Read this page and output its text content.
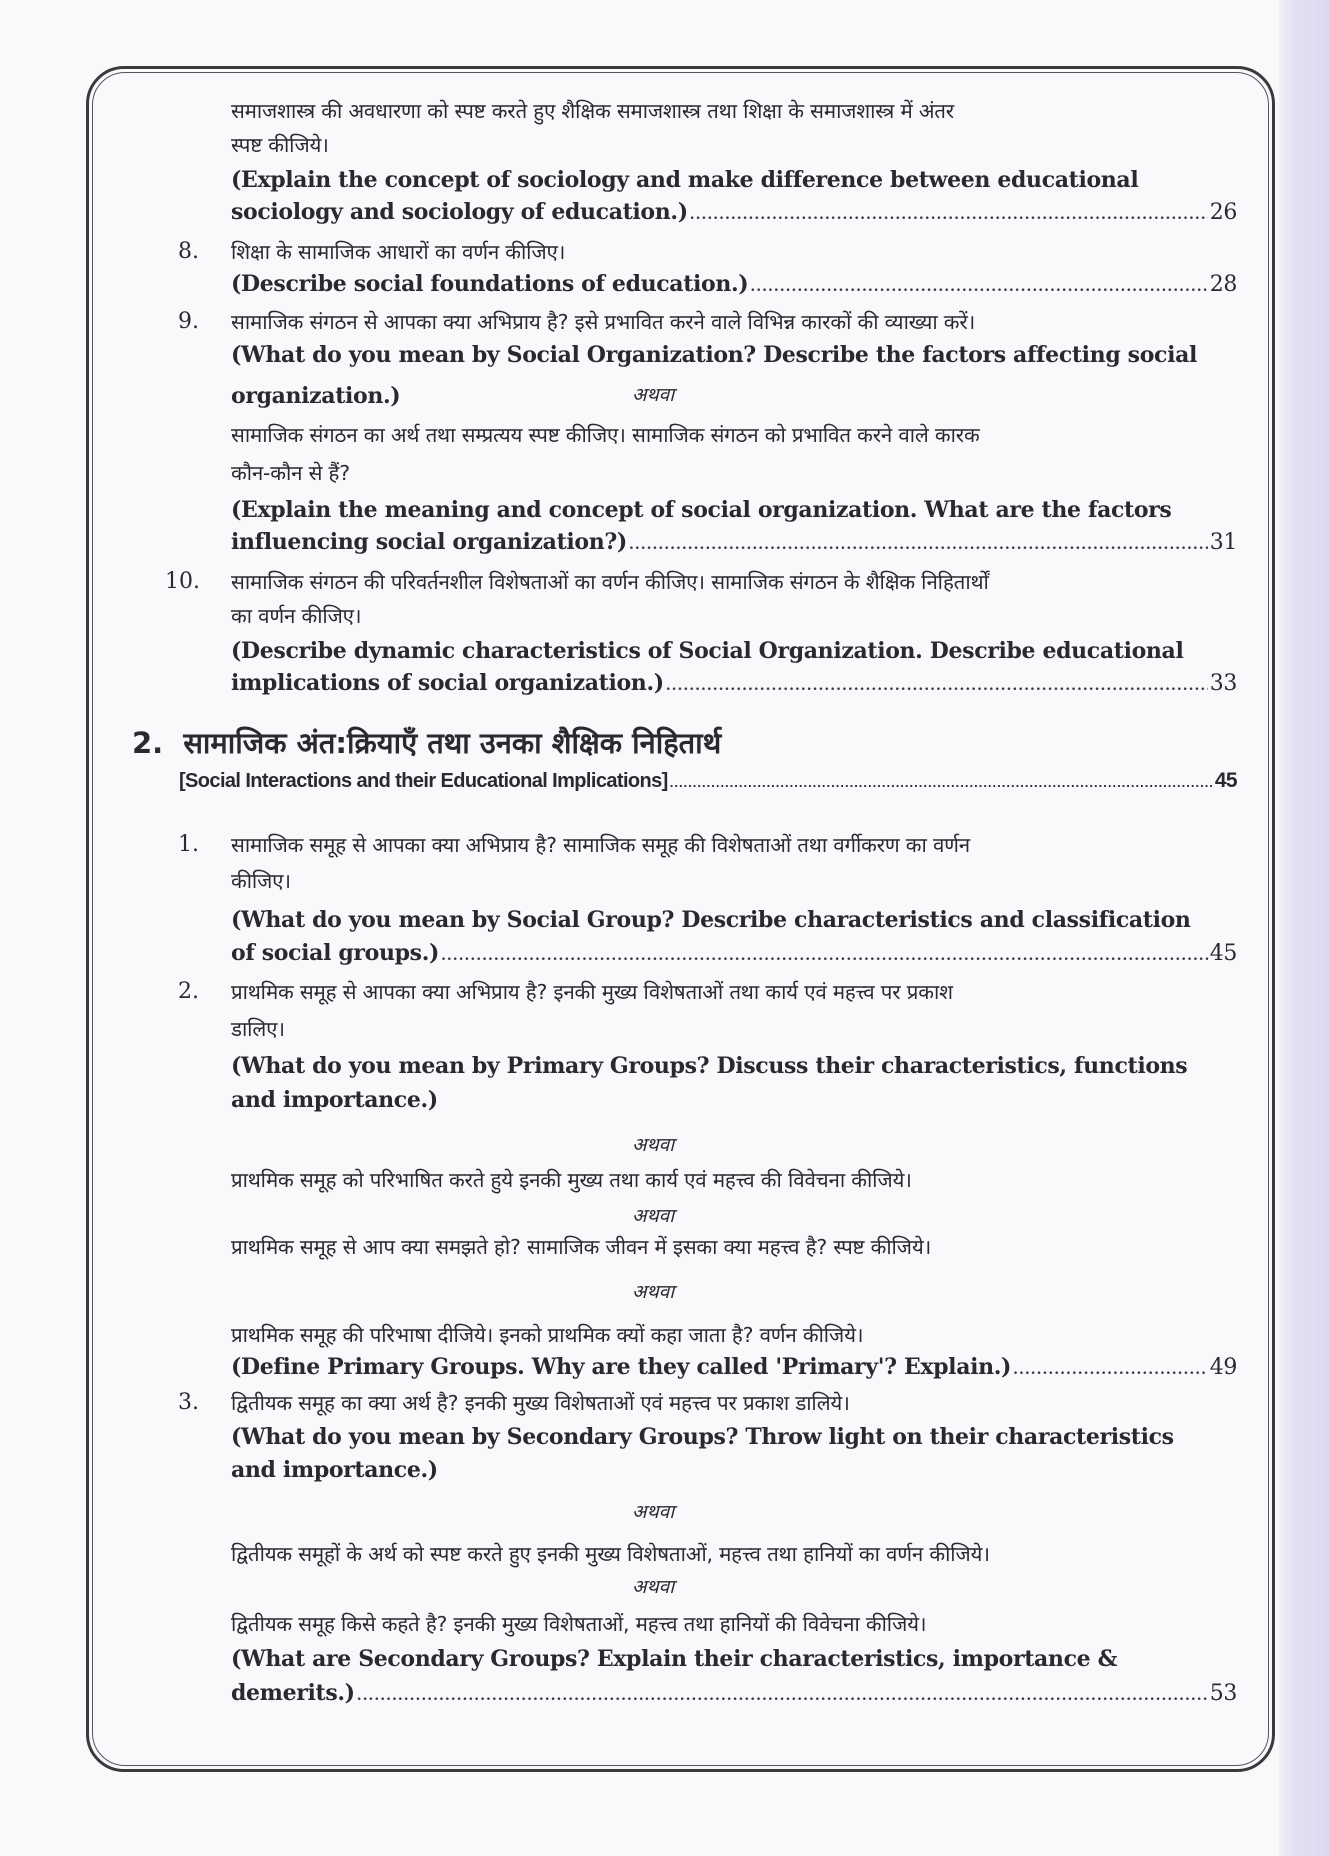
समाजशास्त्र की अवधारणा को स्पष्ट करते हुए शैक्षिक समाजशास्त्र तथा शिक्षा के समाजशास्त्र में अंतर
स्पष्ट कीजिये।
(Explain the concept of sociology and make difference between educational
sociology and sociology of education.) .....	26
8. शिक्षा के सामाजिक आधारों का वर्णन कीजिए।
(Describe social foundations of education.) .....	28
9. सामाजिक संगठन से आपका क्या अभिप्राय है? इसे प्रभावित करने वाले विभिन्न कारकों की व्याख्या करें।
(What do you mean by Social Organization? Describe the factors affecting social
organization.)	अथवा
सामाजिक संगठन का अर्थ तथा सम्प्रत्यय स्पष्ट कीजिए। सामाजिक संगठन को प्रभावित करने वाले कारक
कौन-कौन से हैं?
(Explain the meaning and concept of social organization. What are the factors
influencing social organization?) .....	31
10. सामाजिक संगठन की परिवर्तनशील विशेषताओं का वर्णन कीजिए। सामाजिक संगठन के शैक्षिक निहितार्थों
का वर्णन कीजिए।
(Describe dynamic characteristics of Social Organization. Describe educational
implications of social organization.) .....	33
2. सामाजिक अंत:क्रियाएँ तथा उनका शैक्षिक निहितार्थ
[Social Interactions and their Educational Implications] .....	45
1. सामाजिक समूह से आपका क्या अभिप्राय है? सामाजिक समूह की विशेषताओं तथा वर्गीकरण का वर्णन
कीजिए।
(What do you mean by Social Group? Describe characteristics and classification
of social groups.) .....	45
2. प्राथमिक समूह से आपका क्या अभिप्राय है? इनकी मुख्य विशेषताओं तथा कार्य एवं महत्त्व पर प्रकाश
डालिए।
(What do you mean by Primary Groups? Discuss their characteristics, functions
and importance.)
अथवा
प्राथमिक समूह को परिभाषित करते हुये इनकी मुख्य तथा कार्य एवं महत्त्व की विवेचना कीजिये।
अथवा
प्राथमिक समूह से आप क्या समझते हो? सामाजिक जीवन में इसका क्या महत्त्व है? स्पष्ट कीजिये।
अथवा
प्राथमिक समूह की परिभाषा दीजिये। इनको प्राथमिक क्यों कहा जाता है? वर्णन कीजिये।
(Define Primary Groups. Why are they called 'Primary'? Explain.) .....	49
3. द्वितीयक समूह का क्या अर्थ है? इनकी मुख्य विशेषताओं एवं महत्त्व पर प्रकाश डालिये।
(What do you mean by Secondary Groups? Throw light on their characteristics
and importance.)
अथवा
द्वितीयक समूहों के अर्थ को स्पष्ट करते हुए इनकी मुख्य विशेषताओं, महत्त्व तथा हानियों का वर्णन कीजिये।
अथवा
द्वितीयक समूह किसे कहते है? इनकी मुख्य विशेषताओं, महत्त्व तथा हानियों की विवेचना कीजिये।
(What are Secondary Groups? Explain their characteristics, importance &
demerits.) .....	53
